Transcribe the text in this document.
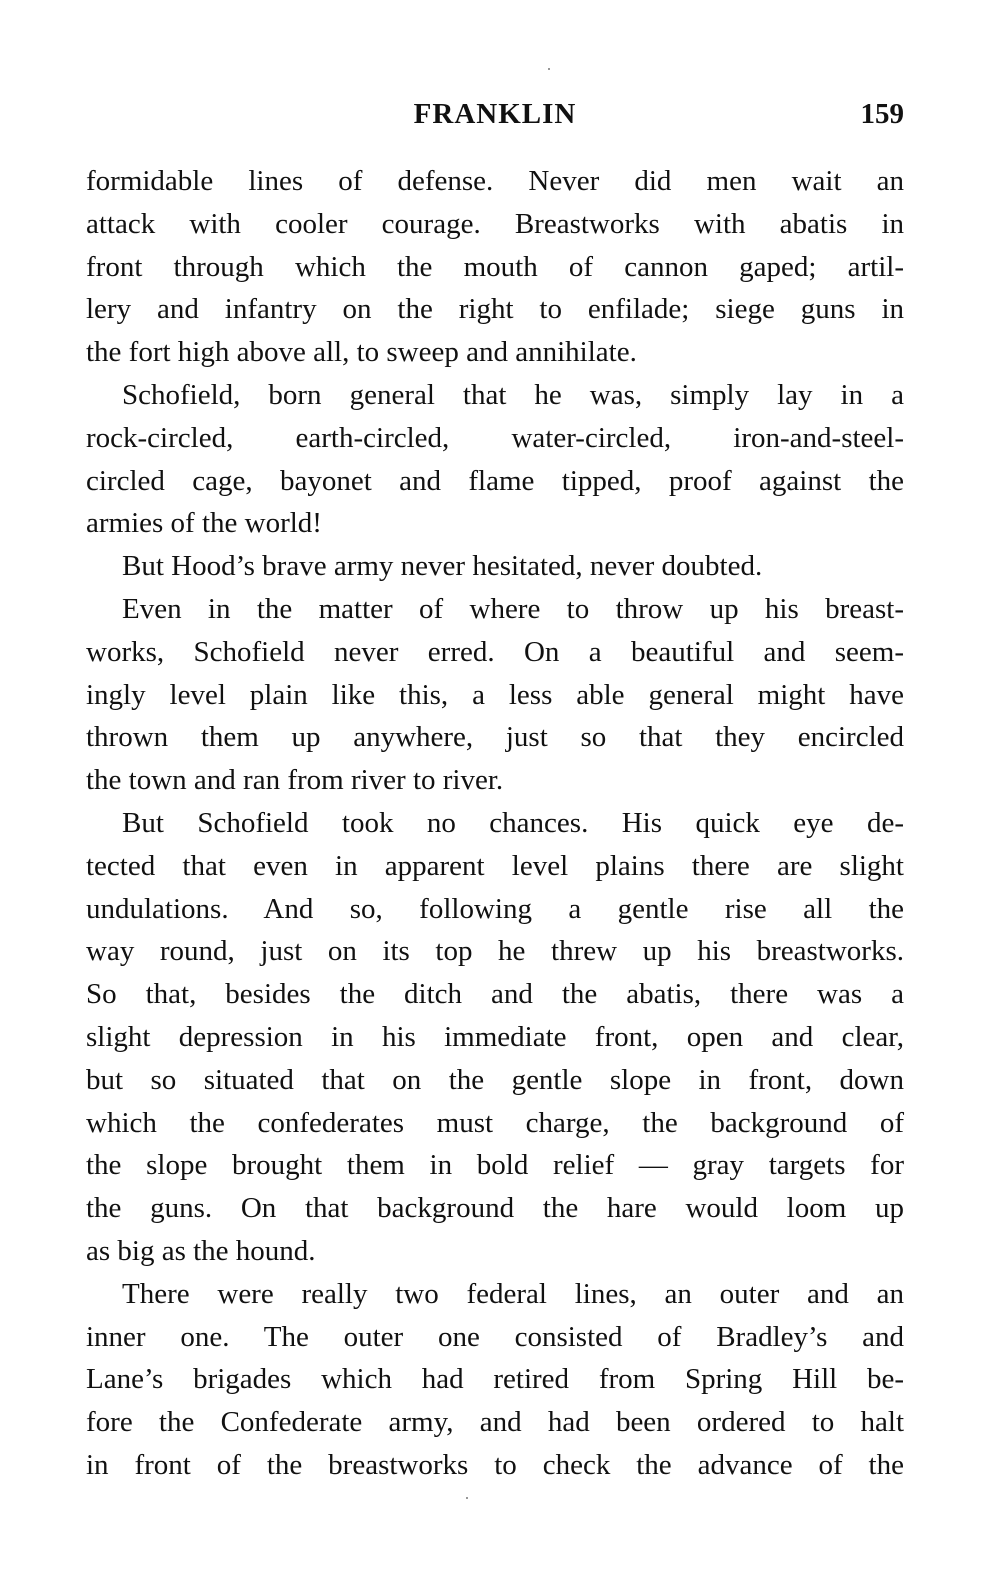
FRANKLIN	159
formidable lines of defense. Never did men wait an
attack with cooler courage. Breastworks with abatis in
front through which the mouth of cannon gaped; artil-
lery and infantry on the right to enfilade; siege guns in
the fort high above all, to sweep and annihilate.
Schofield, born general that he was, simply lay in a
rock-circled, earth-circled, water-circled, iron-and-steel-
circled cage, bayonet and flame tipped, proof against the
armies of the world!
But Hood’s brave army never hesitated, never doubted.
Even in the matter of where to throw up his breast-
works, Schofield never erred. On a beautiful and seem-
ingly level plain like this, a less able general might have
thrown them up anywhere, just so that they encircled
the town and ran from river to river.
But Schofield took no chances. His quick eye de-
tected that even in apparent level plains there are slight
undulations. And so, following a gentle rise all the
way round, just on its top he threw up his breastworks.
So that, besides the ditch and the abatis, there was a
slight depression in his immediate front, open and clear,
but so situated that on the gentle slope in front, down
which the confederates must charge, the background of
the slope brought them in bold relief — gray targets for
the guns. On that background the hare would loom up
as big as the hound.
There were really two federal lines, an outer and an
inner one. The outer one consisted of Bradley’s and
Lane’s brigades which had retired from Spring Hill be-
fore the Confederate army, and had been ordered to halt
in front of the breastworks to check the advance of the
